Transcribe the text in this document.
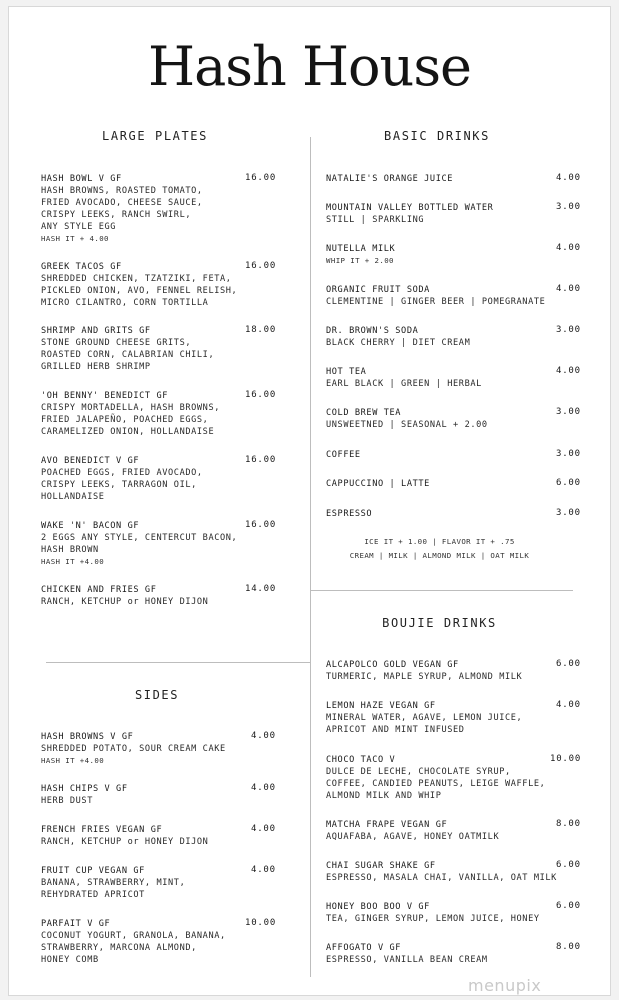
Hash House
LARGE PLATES
SIDES
BASIC DRINKS
BOUJIE DRINKS
HASH BOWL V GF
HASH BROWNS, ROASTED TOMATO,
FRIED AVOCADO, CHEESE SAUCE,
CRISPY LEEKS, RANCH SWIRL,
ANY STYLE EGG
HASH IT + 4.00
16.00
GREEK TACOS GF
SHREDDED CHICKEN, TZATZIKI, FETA,
PICKLED ONION, AVO, FENNEL RELISH,
MICRO CILANTRO, CORN TORTILLA
16.00
SHRIMP AND GRITS GF
STONE GROUND CHEESE GRITS,
ROASTED CORN, CALABRIAN CHILI,
GRILLED HERB SHRIMP
18.00
'OH BENNY' BENEDICT GF
CRISPY MORTADELLA, HASH BROWNS,
FRIED JALAPEÑO, POACHED EGGS,
CARAMELIZED ONION, HOLLANDAISE
16.00
AVO BENEDICT V GF
POACHED EGGS, FRIED AVOCADO,
CRISPY LEEKS, TARRAGON OIL,
HOLLANDAISE
16.00
WAKE 'N' BACON GF
2 EGGS ANY STYLE, CENTERCUT BACON,
HASH BROWN
HASH IT +4.00
16.00
CHICKEN AND FRIES GF
RANCH, KETCHUP or HONEY DIJON
14.00
HASH BROWNS V GF
SHREDDED POTATO, SOUR CREAM CAKE
HASH IT +4.00
4.00
HASH CHIPS V GF
HERB DUST
4.00
FRENCH FRIES VEGAN GF
RANCH, KETCHUP or HONEY DIJON
4.00
FRUIT CUP VEGAN GF
BANANA, STRAWBERRY, MINT,
REHYDRATED APRICOT
4.00
PARFAIT V GF
COCONUT YOGURT, GRANOLA, BANANA,
STRAWBERRY, MARCONA ALMOND,
HONEY COMB
10.00
NATALIE'S ORANGE JUICE	4.00
MOUNTAIN VALLEY BOTTLED WATER
STILL | SPARKLING
3.00
NUTELLA MILK
WHIP IT + 2.00
4.00
ORGANIC FRUIT SODA
CLEMENTINE | GINGER BEER | POMEGRANATE
4.00
DR. BROWN'S SODA
BLACK CHERRY | DIET CREAM
3.00
HOT TEA
EARL BLACK | GREEN | HERBAL
4.00
COLD BREW TEA
UNSWEETNED | SEASONAL + 2.00
3.00
COFFEE	3.00
CAPPUCCINO | LATTE	6.00
ESPRESSO	3.00
ICE IT + 1.00 | FLAVOR IT + .75
CREAM | MILK | ALMOND MILK | OAT MILK
ALCAPOLCO GOLD VEGAN GF
TURMERIC, MAPLE SYRUP, ALMOND MILK
6.00
LEMON HAZE VEGAN GF
MINERAL WATER, AGAVE, LEMON JUICE,
APRICOT AND MINT INFUSED
4.00
CHOCO TACO V
DULCE DE LECHE, CHOCOLATE SYRUP,
COFFEE, CANDIED PEANUTS, LEIGE WAFFLE,
ALMOND MILK AND WHIP
10.00
MATCHA FRAPE VEGAN GF
AQUAFABA, AGAVE, HONEY OATMILK
8.00
CHAI SUGAR SHAKE GF
ESPRESSO, MASALA CHAI, VANILLA, OAT MILK
6.00
HONEY BOO BOO V GF
TEA, GINGER SYRUP, LEMON JUICE, HONEY
6.00
AFFOGATO V GF
ESPRESSO, VANILLA BEAN CREAM
8.00
menupix
